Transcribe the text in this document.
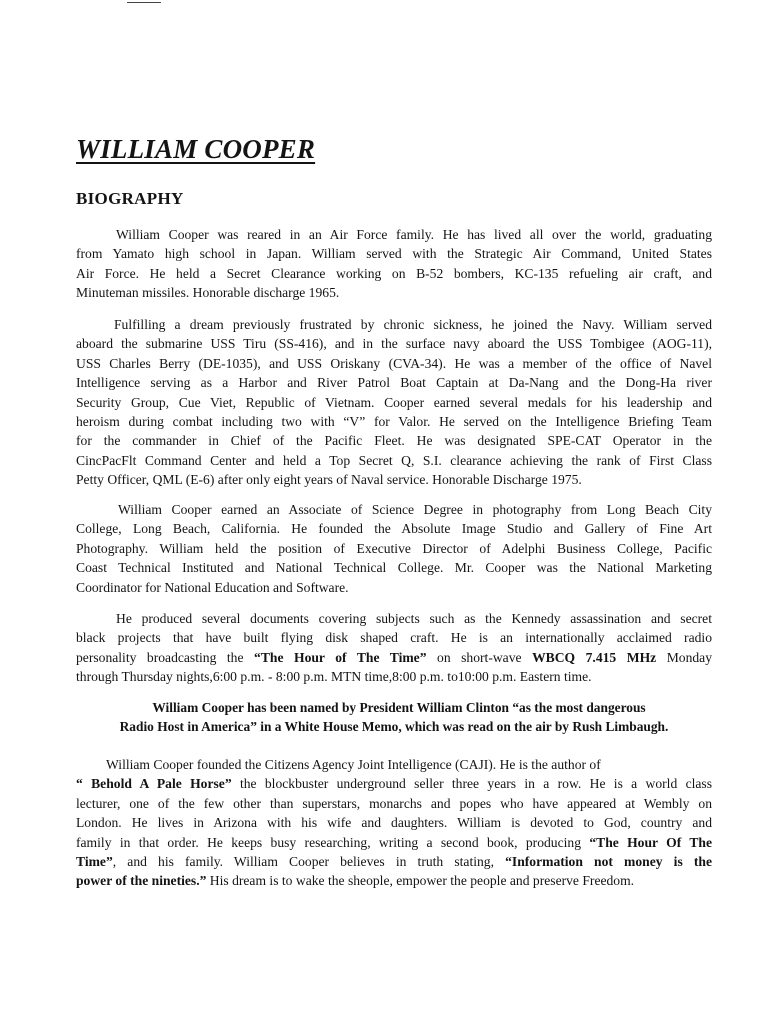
WILLIAM COOPER
BIOGRAPHY

William Cooper was reared in an Air Force family. He has lived all over the world, graduating
from Yamato high school in Japan. William served with the Strategic Air Command, United States
Air Force. He held a Secret Clearance working on B-52 bombers, KC-135 refueling air craft, and
Minuteman missiles. Honorable discharge 1965.

Fulfilling a dream previously frustrated by chronic sickness, he joined the Navy. William served
aboard the submarine USS Tiru (SS-416), and in the surface navy aboard the USS Tombigee (AOG-11),
USS Charles Berry (DE-1035), and USS Oriskany (CVA-34). He was a member of the office of Navel
Intelligence serving as a Harbor and River Patrol Boat Captain at Da-Nang and the Dong-Ha river
Security Group, Cue Viet, Republic of Vietnam. Cooper earned several medals for his leadership and
heroism during combat including two with “V” for Valor. He served on the Intelligence Briefing Team
for the commander in Chief of the Pacific Fleet. He was designated SPE-CAT Operator in the
CincPacFlt Command Center and held a Top Secret Q, S.I. clearance achieving the rank of First Class
Petty Officer, QML (E-6) after only eight years of Naval service. Honorable Discharge 1975.

William Cooper earned an Associate of Science Degree in photography from Long Beach City
College, Long Beach, California. He founded the Absolute Image Studio and Gallery of Fine Art
Photography. William held the position of Executive Director of Adelphi Business College, Pacific
Coast Technical Instituted and National Technical College. Mr. Cooper was the National Marketing
Coordinator for National Education and Software.

He produced several documents covering subjects such as the Kennedy assassination and secret
black projects that have built flying disk shaped craft. He is an internationally acclaimed radio
personality broadcasting the “The Hour of The Time” on short-wave WBCQ 7.415 MHz Monday
through Thursday nights,6:00 p.m. - 8:00 p.m. MTN time,8:00 p.m. to10:00 p.m. Eastern time.

William Cooper has been named by President William Clinton “as the most dangerous
Radio Host in America” in a White House Memo, which was read on the air by Rush Limbaugh.

William Cooper founded the Citizens Agency Joint Intelligence (CAJI). He is the author of
“ Behold A Pale Horse” the blockbuster underground seller three years in a row. He is a world class
lecturer, one of the few other than superstars, monarchs and popes who have appeared at Wembly on
London. He lives in Arizona with his wife and daughters. William is devoted to God, country and
family in that order. He keeps busy researching, writing a second book, producing “The Hour Of The
Time”, and his family. William Cooper believes in truth stating, “Information not money is the
power of the nineties.” His dream is to wake the sheople, empower the people and preserve Freedom.
